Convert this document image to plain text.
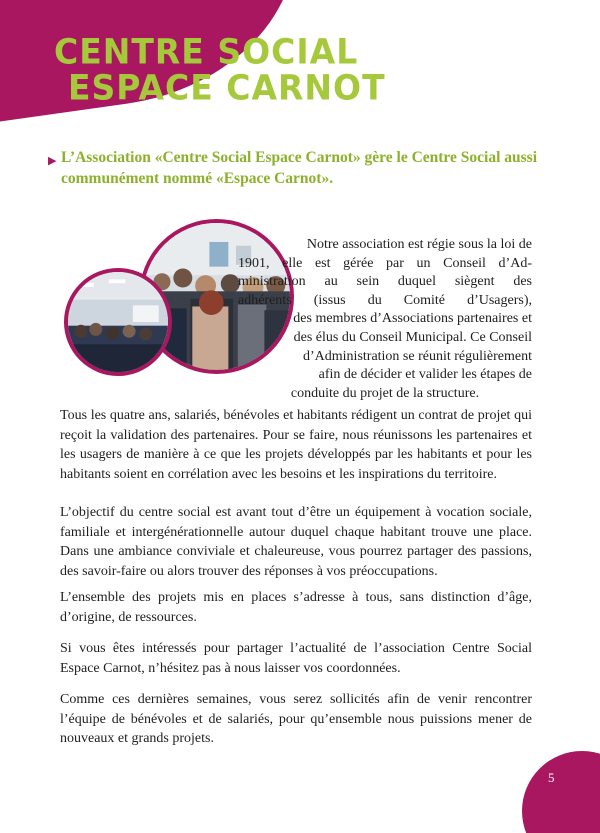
CENTRE SOCIAL
ESPACE CARNOT

▶ L’Association «Centre Social Espace Carnot» gère le Centre Social aussi communément nommé «Espace Carnot».

Notre association est régie sous la loi de
1901, elle est gérée par un Conseil d’Ad-
ministration au sein duquel siègent des
adhérents (issus du Comité d’Usagers),
des membres d’Associations partenaires et
des élus du Conseil Municipal. Ce Conseil
d’Administration se réunit régulièrement
afin de décider et valider les étapes de
conduite du projet de la structure.

Tous les quatre ans, salariés, bénévoles et habitants rédigent un contrat de projet qui reçoit la validation des partenaires. Pour se faire, nous réunissons les partenaires et les usagers de manière à ce que les projets développés par les habitants et pour les habitants soient en corrélation avec les besoins et les inspirations du territoire.

L’objectif du centre social est avant tout d’être un équipement à vocation sociale, familiale et intergénérationnelle autour duquel chaque habitant trouve une place. Dans une ambiance conviviale et chaleureuse, vous pourrez partager des passions, des savoir-faire ou alors trouver des réponses à vos préoccupations.

L’ensemble des projets mis en places s’adresse à tous, sans distinction d’âge, d’origine, de ressources.

Si vous êtes intéressés pour partager l’actualité de l’association Centre Social Espace Carnot, n’hésitez pas à nous laisser vos coordonnées.

Comme ces dernières semaines, vous serez sollicités afin de venir rencontrer l’équipe de bénévoles et de salariés, pour qu’ensemble nous puissions mener de nouveaux et grands projets.

5
